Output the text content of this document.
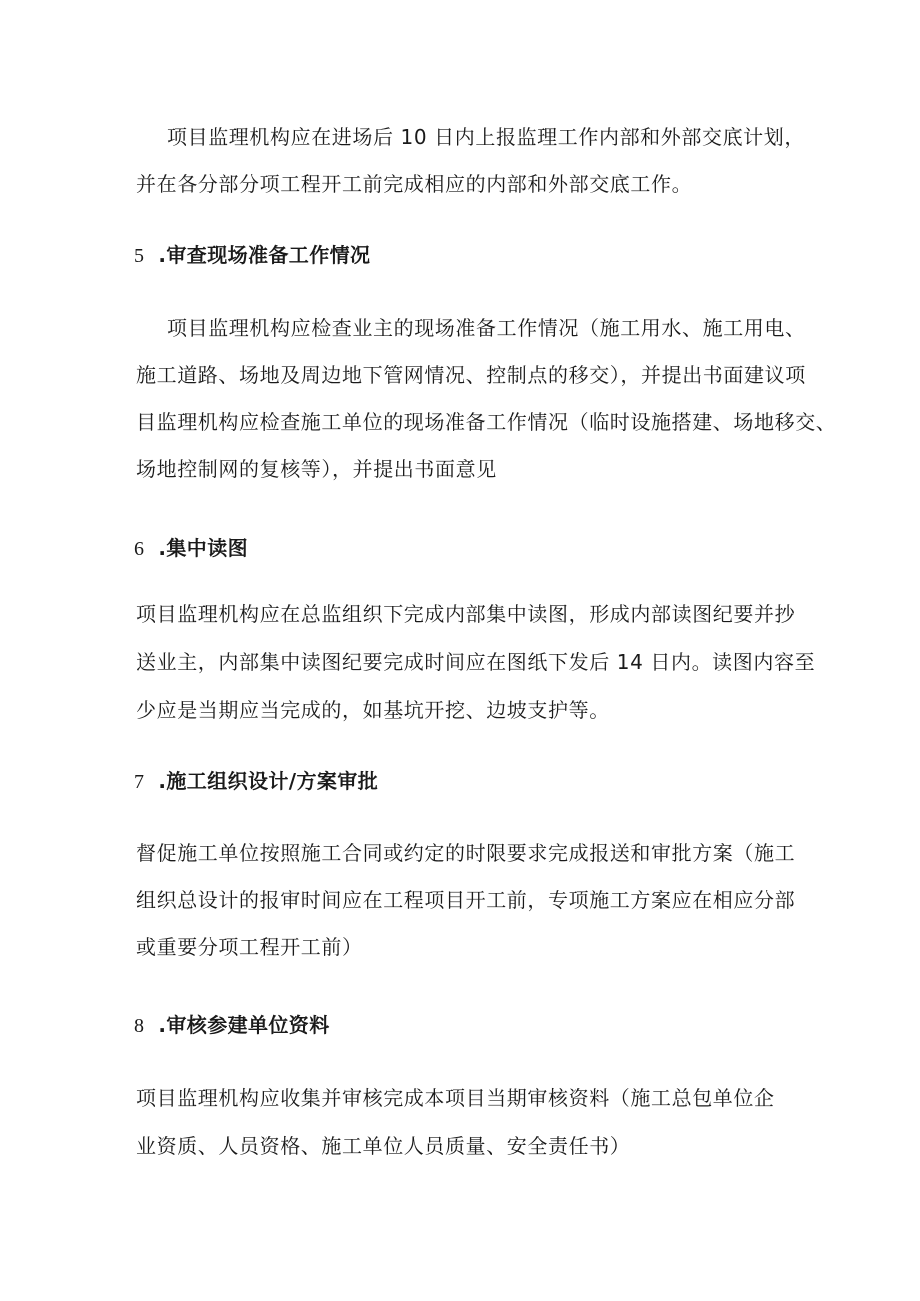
项目监理机构应在进场后 10 日内上报监理工作内部和外部交底计划，
并在各分部分项工程开工前完成相应的内部和外部交底工作。
5 .审查现场准备工作情况
项目监理机构应检查业主的现场准备工作情况（施工用水、施工用电、
施工道路、场地及周边地下管网情况、控制点的移交），并提出书面建议项
目监理机构应检查施工单位的现场准备工作情况（临时设施搭建、场地移交、
场地控制网的复核等），并提出书面意见
6 .集中读图
项目监理机构应在总监组织下完成内部集中读图，形成内部读图纪要并抄
送业主，内部集中读图纪要完成时间应在图纸下发后 14 日内。读图内容至
少应是当期应当完成的，如基坑开挖、边坡支护等。
7 .施工组织设计/方案审批
督促施工单位按照施工合同或约定的时限要求完成报送和审批方案（施工
组织总设计的报审时间应在工程项目开工前，专项施工方案应在相应分部
或重要分项工程开工前）
8 .审核参建单位资料
项目监理机构应收集并审核完成本项目当期审核资料（施工总包单位企
业资质、人员资格、施工单位人员质量、安全责任书）
